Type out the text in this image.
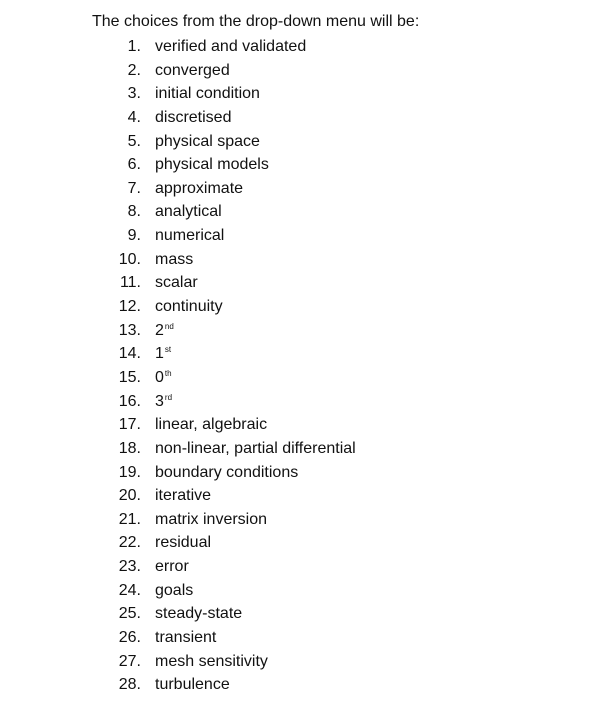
The choices from the drop-down menu will be:
1. verified and validated
2. converged
3. initial condition
4. discretised
5. physical space
6. physical models
7. approximate
8. analytical
9. numerical
10. mass
11. scalar
12. continuity
13. 2nd
14. 1st
15. 0th
16. 3rd
17. linear, algebraic
18. non-linear, partial differential
19. boundary conditions
20. iterative
21. matrix inversion
22. residual
23. error
24. goals
25. steady-state
26. transient
27. mesh sensitivity
28. turbulence
